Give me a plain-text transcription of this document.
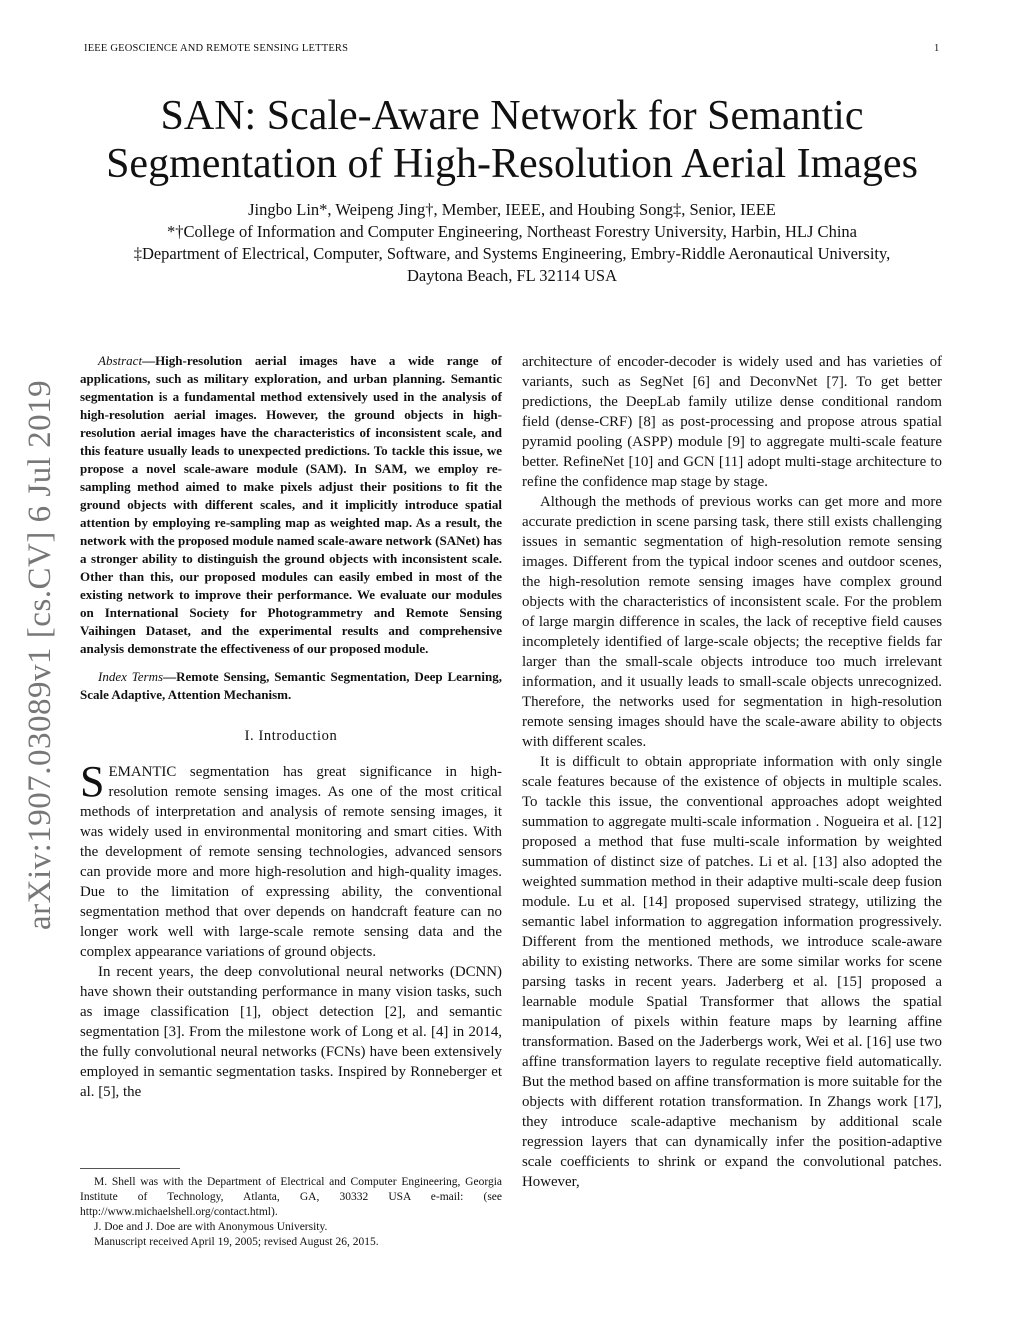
IEEE GEOSCIENCE AND REMOTE SENSING LETTERS	1
SAN: Scale-Aware Network for Semantic
Segmentation of High-Resolution Aerial Images
Jingbo Lin*, Weipeng Jing†, Member, IEEE, and Houbing Song‡, Senior, IEEE
*†College of Information and Computer Engineering, Northeast Forestry University, Harbin, HLJ China
‡Department of Electrical, Computer, Software, and Systems Engineering, Embry-Riddle Aeronautical University,
Daytona Beach, FL 32114 USA
arXiv:1907.03089v1 [cs.CV] 6 Jul 2019

Abstract—High-resolution aerial images have a wide range of applications, such as military exploration, and urban planning. Semantic segmentation is a fundamental method extensively used in the analysis of high-resolution aerial images. However, the ground objects in high-resolution aerial images have the characteristics of inconsistent scale, and this feature usually leads to unexpected predictions. To tackle this issue, we propose a novel scale-aware module (SAM). In SAM, we employ re-sampling method aimed to make pixels adjust their positions to fit the ground objects with different scales, and it implicitly introduce spatial attention by employing re-sampling map as weighted map. As a result, the network with the proposed module named scale-aware network (SANet) has a stronger ability to distinguish the ground objects with inconsistent scale. Other than this, our proposed modules can easily embed in most of the existing network to improve their performance. We evaluate our modules on International Society for Photogrammetry and Remote Sensing Vaihingen Dataset, and the experimental results and comprehensive analysis demonstrate the effectiveness of our proposed module.

Index Terms—Remote Sensing, Semantic Segmentation, Deep Learning, Scale Adaptive, Attention Mechanism.

I. Introduction

SEMANTIC segmentation has great significance in high-resolution remote sensing images. As one of the most critical methods of interpretation and analysis of remote sensing images, it was widely used in environmental monitoring and smart cities. With the development of remote sensing technologies, advanced sensors can provide more and more high-resolution and high-quality images. Due to the limitation of expressing ability, the conventional segmentation method that over depends on handcraft feature can no longer work well with large-scale remote sensing data and the complex appearance variations of ground objects.

In recent years, the deep convolutional neural networks (DCNN) have shown their outstanding performance in many vision tasks, such as image classification [1], object detection [2], and semantic segmentation [3]. From the milestone work of Long et al. [4] in 2014, the fully convolutional neural networks (FCNs) have been extensively employed in semantic segmentation tasks. Inspired by Ronneberger et al. [5], the

M. Shell was with the Department of Electrical and Computer Engineering, Georgia Institute of Technology, Atlanta, GA, 30332 USA e-mail: (see http://www.michaelshell.org/contact.html).

J. Doe and J. Doe are with Anonymous University.

Manuscript received April 19, 2005; revised August 26, 2015.

architecture of encoder-decoder is widely used and has varieties of variants, such as SegNet [6] and DeconvNet [7]. To get better predictions, the DeepLab family utilize dense conditional random field (dense-CRF) [8] as post-processing and propose atrous spatial pyramid pooling (ASPP) module [9] to aggregate multi-scale feature better. RefineNet [10] and GCN [11] adopt multi-stage architecture to refine the confidence map stage by stage.

Although the methods of previous works can get more and more accurate prediction in scene parsing task, there still exists challenging issues in semantic segmentation of high-resolution remote sensing images. Different from the typical indoor scenes and outdoor scenes, the high-resolution remote sensing images have complex ground objects with the characteristics of inconsistent scale. For the problem of large margin difference in scales, the lack of receptive field causes incompletely identified of large-scale objects; the receptive fields far larger than the small-scale objects introduce too much irrelevant information, and it usually leads to small-scale objects unrecognized. Therefore, the networks used for segmentation in high-resolution remote sensing images should have the scale-aware ability to objects with different scales.

It is difficult to obtain appropriate information with only single scale features because of the existence of objects in multiple scales. To tackle this issue, the conventional approaches adopt weighted summation to aggregate multi-scale information . Nogueira et al. [12] proposed a method that fuse multi-scale information by weighted summation of distinct size of patches. Li et al. [13] also adopted the weighted summation method in their adaptive multi-scale deep fusion module. Lu et al. [14] proposed supervised strategy, utilizing the semantic label information to aggregation information progressively. Different from the mentioned methods, we introduce scale-aware ability to existing networks. There are some similar works for scene parsing tasks in recent years. Jaderberg et al. [15] proposed a learnable module Spatial Transformer that allows the spatial manipulation of pixels within feature maps by learning affine transformation. Based on the Jaderbergs work, Wei et al. [16] use two affine transformation layers to regulate receptive field automatically. But the method based on affine transformation is more suitable for the objects with different rotation transformation. In Zhangs work [17], they introduce scale-adaptive mechanism by additional scale regression layers that can dynamically infer the position-adaptive scale coefficients to shrink or expand the convolutional patches. However,
